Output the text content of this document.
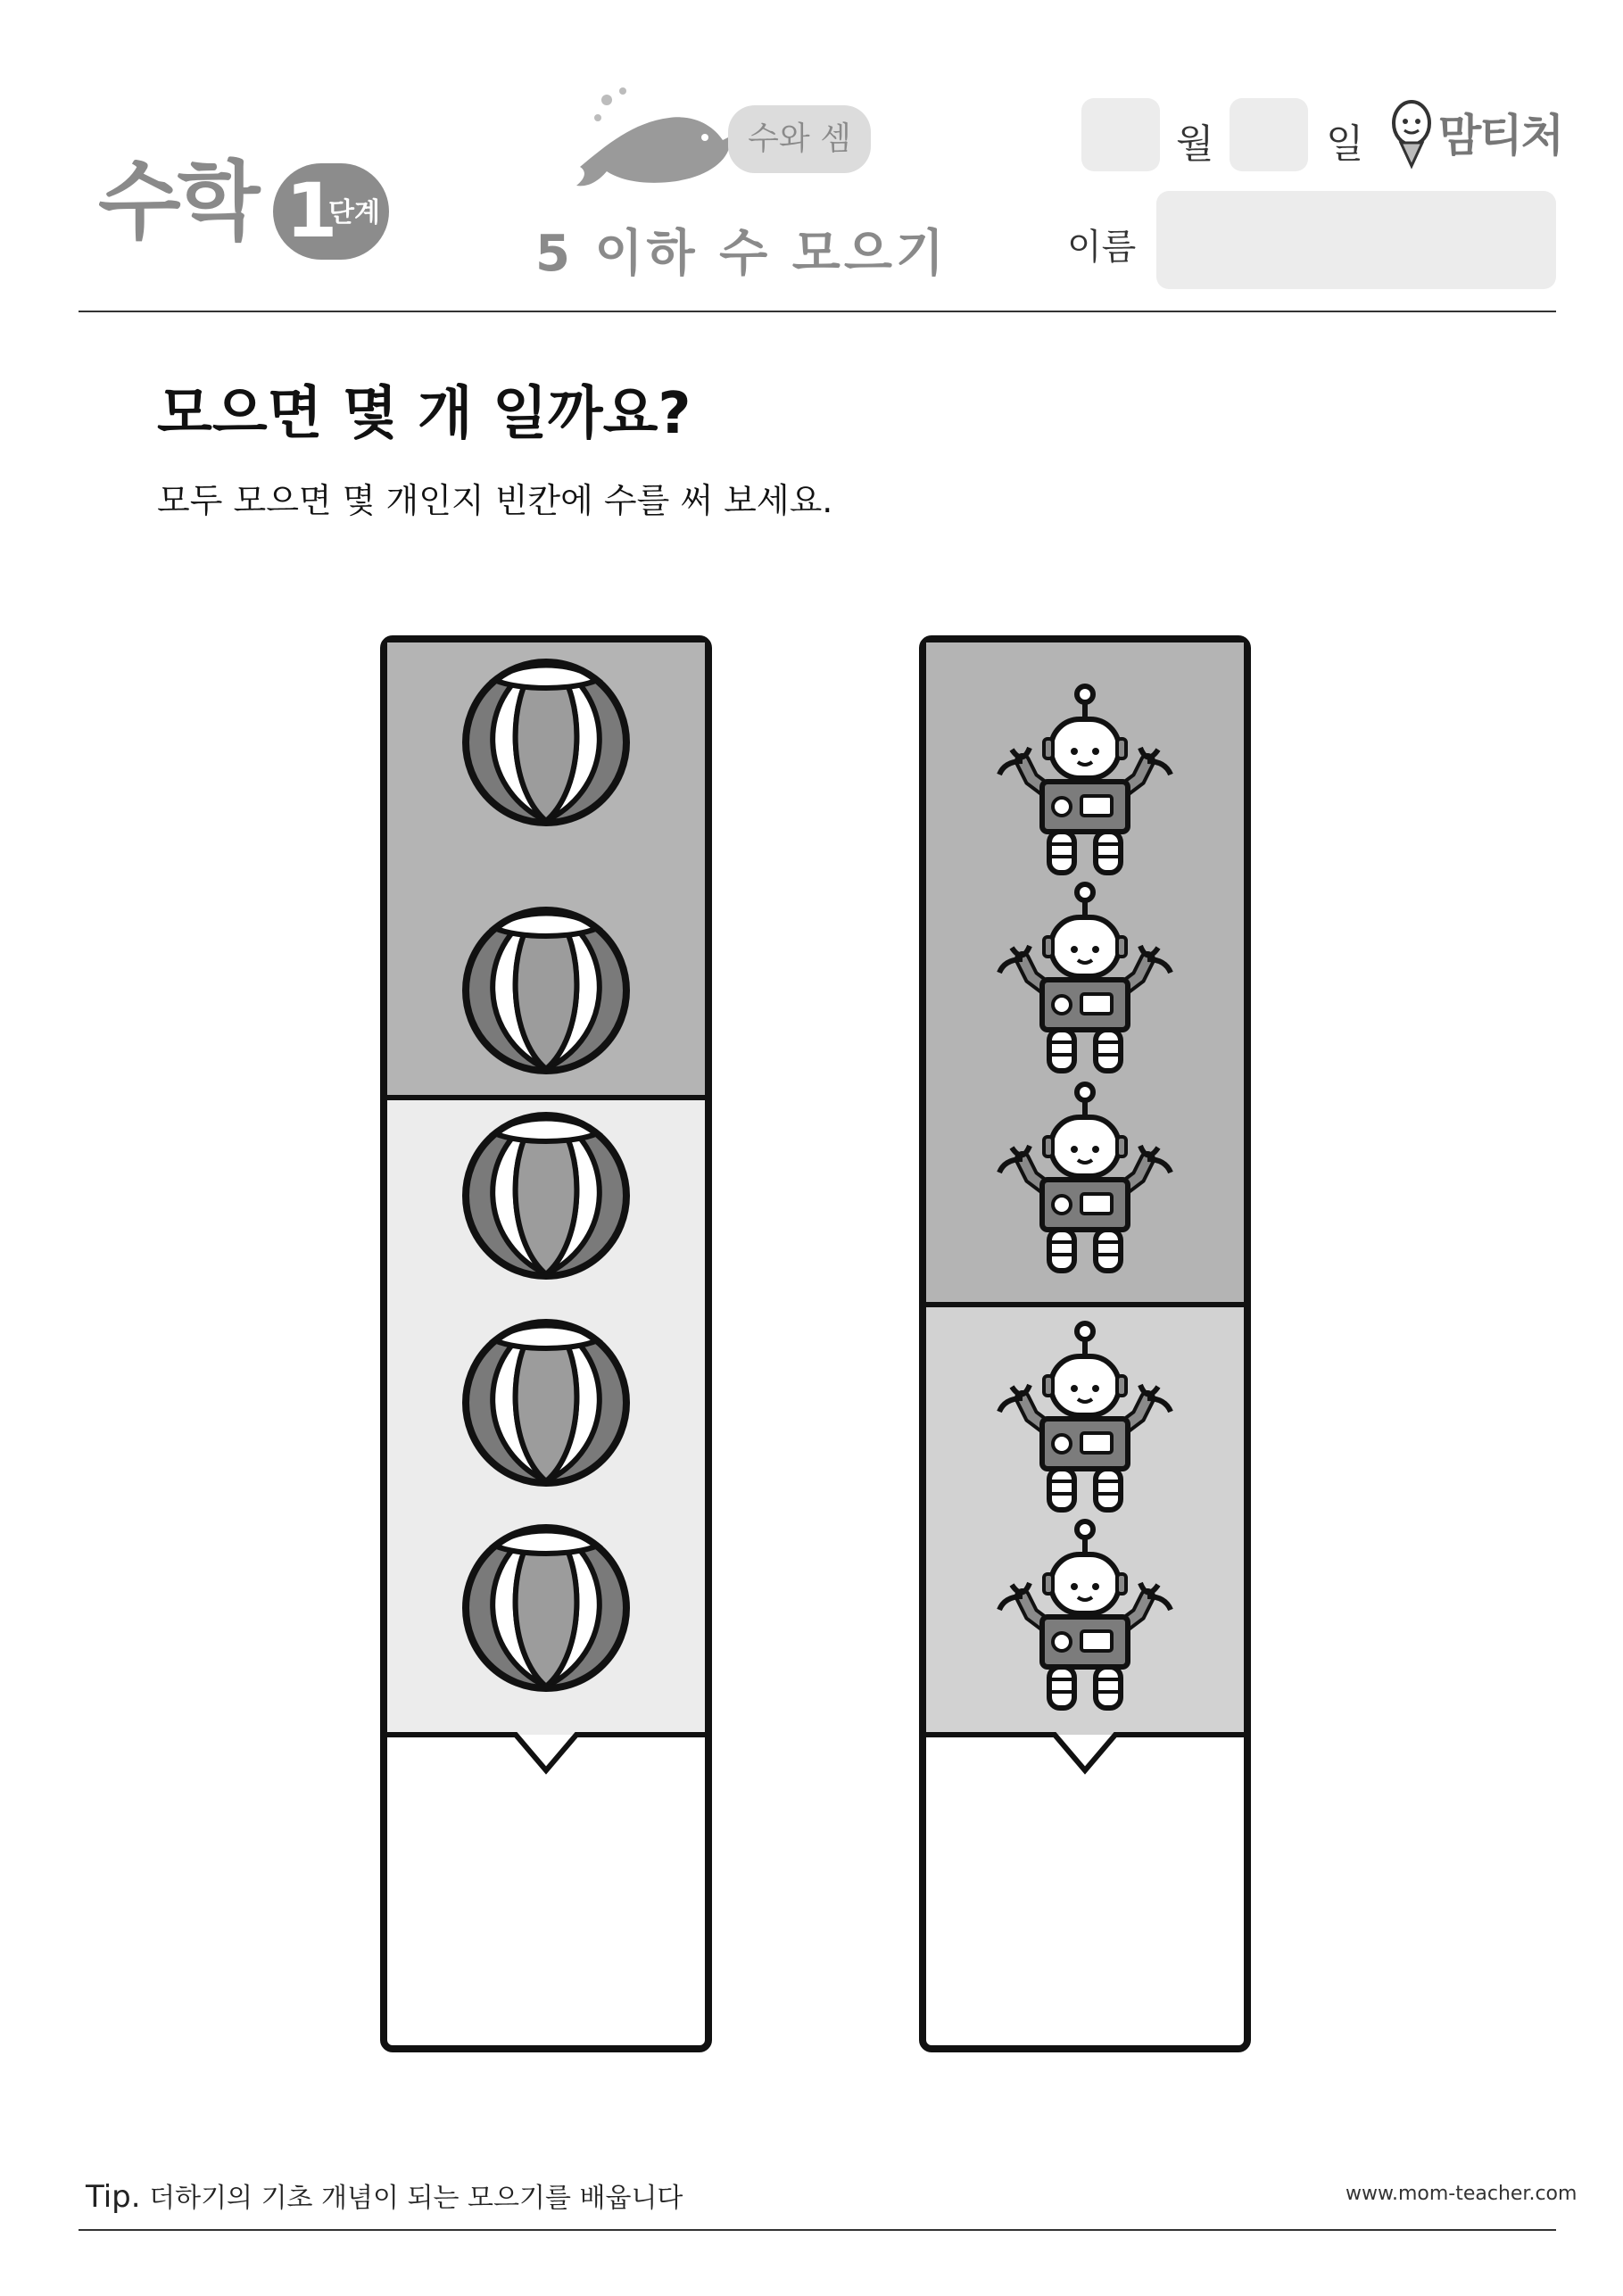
수학 1
단계
수와 셈
5 이하 수 모으기
월	일 맘티처
이름
모으면 몇 개 일까요?
모두 모으면 몇 개인지 빈칸에 수를 써 보세요.
Tip. 더하기의 기초 개념이 되는 모으기를 배웁니다	www.mom-teacher.com
